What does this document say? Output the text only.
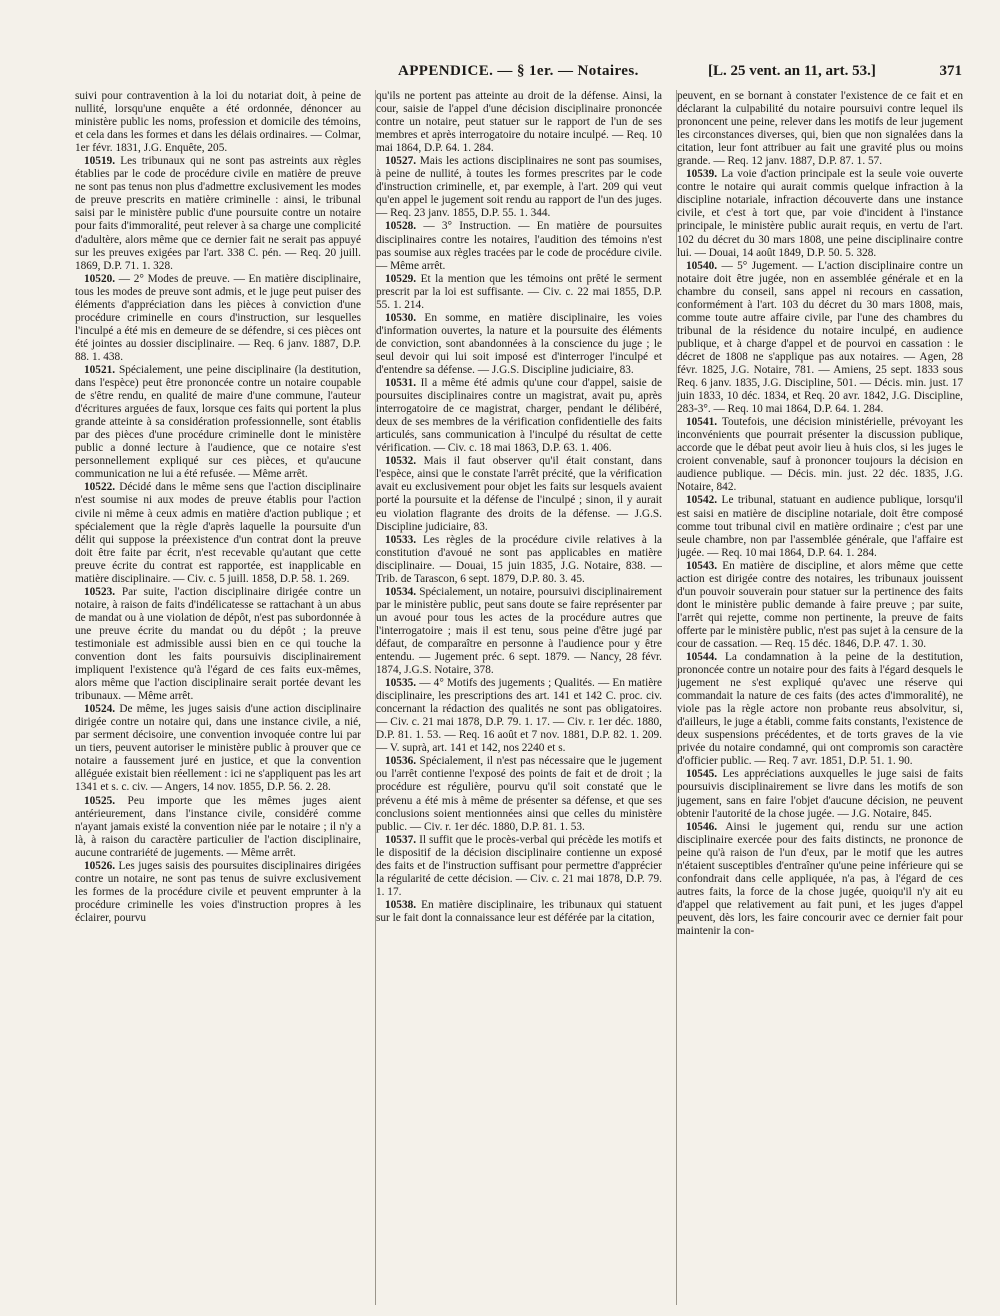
APPENDICE. — § 1er. — Notaires.	[L. 25 vent. an 11, art. 53.]	371

suivi pour contravention à la loi du notariat doit, à peine de nullité, lorsqu'une enquête a été ordonnée, dénoncer au ministère public les noms, profession et domicile des témoins, et cela dans les formes et dans les délais ordinaires. — Colmar, 1er févr. 1831, J.G. Enquête, 205.

10519. Les tribunaux qui ne sont pas astreints aux règles établies par le code de procédure civile en matière de preuve ne sont pas tenus non plus d'admettre exclusivement les modes de preuve prescrits en matière criminelle : ainsi, le tribunal saisi par le ministère public d'une poursuite contre un notaire pour faits d'immoralité, peut relever à sa charge une complicité d'adultère, alors même que ce dernier fait ne serait pas appuyé sur les preuves exigées par l'art. 338 C. pén. — Req. 20 juill. 1869, D.P. 71. 1. 328.

10520. — 2° Modes de preuve. — En matière disciplinaire, tous les modes de preuve sont admis, et le juge peut puiser des éléments d'appréciation dans les pièces à conviction d'une procédure criminelle en cours d'instruction, sur lesquelles l'inculpé a été mis en demeure de se défendre, si ces pièces ont été jointes au dossier disciplinaire. — Req. 6 janv. 1887, D.P. 88. 1. 438.

10521. Spécialement, une peine disciplinaire (la destitution, dans l'espèce) peut être prononcée contre un notaire coupable de s'être rendu, en qualité de maire d'une commune, l'auteur d'écritures arguées de faux, lorsque ces faits qui portent la plus grande atteinte à sa considération professionnelle, sont établis par des pièces d'une procédure criminelle dont le ministère public a donné lecture à l'audience, que ce notaire s'est personnellement expliqué sur ces pièces, et qu'aucune communication ne lui a été refusée. — Même arrêt.

10522. Décidé dans le même sens que l'action disciplinaire n'est soumise ni aux modes de preuve établis pour l'action civile ni même à ceux admis en matière d'action publique ; et spécialement que la règle d'après laquelle la poursuite d'un délit qui suppose la préexistence d'un contrat dont la preuve doit être faite par écrit, n'est recevable qu'autant que cette preuve écrite du contrat est rapportée, est inapplicable en matière disciplinaire. — Civ. c. 5 juill. 1858, D.P. 58. 1. 269.

10523. Par suite, l'action disciplinaire dirigée contre un notaire, à raison de faits d'indélicatesse se rattachant à un abus de mandat ou à une violation de dépôt, n'est pas subordonnée à une preuve écrite du mandat ou du dépôt ; la preuve testimoniale est admissible aussi bien en ce qui touche la convention dont les faits poursuivis disciplinairement impliquent l'existence qu'à l'égard de ces faits eux-mêmes, alors même que l'action disciplinaire serait portée devant les tribunaux. — Même arrêt.

10524. De même, les juges saisis d'une action disciplinaire dirigée contre un notaire qui, dans une instance civile, a nié, par serment décisoire, une convention invoquée contre lui par un tiers, peuvent autoriser le ministère public à prouver que ce notaire a faussement juré en justice, et que la convention alléguée existait bien réellement : ici ne s'appliquent pas les art 1341 et s. c. civ. — Angers, 14 nov. 1855, D.P. 56. 2. 28.

10525. Peu importe que les mêmes juges aient antérieurement, dans l'instance civile, considéré comme n'ayant jamais existé la convention niée par le notaire ; il n'y a là, à raison du caractère particulier de l'action disciplinaire, aucune contrariété de jugements. — Même arrêt.

10526. Les juges saisis des poursuites disciplinaires dirigées contre un notaire, ne sont pas tenus de suivre exclusivement les formes de la procédure civile et peuvent emprunter à la procédure criminelle les voies d'instruction propres à les éclairer, pourvu

qu'ils ne portent pas atteinte au droit de la défense. Ainsi, la cour, saisie de l'appel d'une décision disciplinaire prononcée contre un notaire, peut statuer sur le rapport de l'un de ses membres et après interrogatoire du notaire inculpé. — Req. 10 mai 1864, D.P. 64. 1. 284.

10527. Mais les actions disciplinaires ne sont pas soumises, à peine de nullité, à toutes les formes prescrites par le code d'instruction criminelle, et, par exemple, à l'art. 209 qui veut qu'en appel le jugement soit rendu au rapport de l'un des juges. — Req. 23 janv. 1855, D.P. 55. 1. 344.

10528. — 3° Instruction. — En matière de poursuites disciplinaires contre les notaires, l'audition des témoins n'est pas soumise aux règles tracées par le code de procédure civile. — Même arrêt.

10529. Et la mention que les témoins ont prêté le serment prescrit par la loi est suffisante. — Civ. c. 22 mai 1855, D.P. 55. 1. 214.

10530. En somme, en matière disciplinaire, les voies d'information ouvertes, la nature et la poursuite des éléments de conviction, sont abandonnées à la conscience du juge ; le seul devoir qui lui soit imposé est d'interroger l'inculpé et d'entendre sa défense. — J.G.S. Discipline judiciaire, 83.

10531. Il a même été admis qu'une cour d'appel, saisie de poursuites disciplinaires contre un magistrat, avait pu, après interrogatoire de ce magistrat, charger, pendant le délibéré, deux de ses membres de la vérification confidentielle des faits articulés, sans communication à l'inculpé du résultat de cette vérification. — Civ. c. 18 mai 1863, D.P. 63. 1. 406.

10532. Mais il faut observer qu'il était constant, dans l'espèce, ainsi que le constate l'arrêt précité, que la vérification avait eu exclusivement pour objet les faits sur lesquels avaient porté la poursuite et la défense de l'inculpé ; sinon, il y aurait eu violation flagrante des droits de la défense. — J.G.S. Discipline judiciaire, 83.

10533. Les règles de la procédure civile relatives à la constitution d'avoué ne sont pas applicables en matière disciplinaire. — Douai, 15 juin 1835, J.G. Notaire, 838. — Trib. de Tarascon, 6 sept. 1879, D.P. 80. 3. 45.

10534. Spécialement, un notaire, poursuivi disciplinairement par le ministère public, peut sans doute se faire représenter par un avoué pour tous les actes de la procédure autres que l'interrogatoire ; mais il est tenu, sous peine d'être jugé par défaut, de comparaître en personne à l'audience pour y être entendu. — Jugement préc. 6 sept. 1879. — Nancy, 28 févr. 1874, J.G.S. Notaire, 378.

10535. — 4° Motifs des jugements ; Qualités. — En matière disciplinaire, les prescriptions des art. 141 et 142 C. proc. civ. concernant la rédaction des qualités ne sont pas obligatoires. — Civ. c. 21 mai 1878, D.P. 79. 1. 17. — Civ. r. 1er déc. 1880, D.P. 81. 1. 53. — Req. 16 août et 7 nov. 1881, D.P. 82. 1. 209. — V. suprà, art. 141 et 142, nos 2240 et s.

10536. Spécialement, il n'est pas nécessaire que le jugement ou l'arrêt contienne l'exposé des points de fait et de droit ; la procédure est régulière, pourvu qu'il soit constaté que le prévenu a été mis à même de présenter sa défense, et que ses conclusions soient mentionnées ainsi que celles du ministère public. — Civ. r. 1er déc. 1880, D.P. 81. 1. 53.

10537. Il suffit que le procès-verbal qui précède les motifs et le dispositif de la décision disciplinaire contienne un exposé des faits et de l'instruction suffisant pour permettre d'apprécier la régularité de cette décision. — Civ. c. 21 mai 1878, D.P. 79. 1. 17.

10538. En matière disciplinaire, les tribunaux qui statuent sur le fait dont la connaissance leur est déférée par la citation,

peuvent, en se bornant à constater l'existence de ce fait et en déclarant la culpabilité du notaire poursuivi contre lequel ils prononcent une peine, relever dans les motifs de leur jugement les circonstances diverses, qui, bien que non signalées dans la citation, leur font attribuer au fait une gravité plus ou moins grande. — Req. 12 janv. 1887, D.P. 87. 1. 57.

10539. La voie d'action principale est la seule voie ouverte contre le notaire qui aurait commis quelque infraction à la discipline notariale, infraction découverte dans une instance civile, et c'est à tort que, par voie d'incident à l'instance principale, le ministère public aurait requis, en vertu de l'art. 102 du décret du 30 mars 1808, une peine disciplinaire contre lui. — Douai, 14 août 1849, D.P. 50. 5. 328.

10540. — 5° Jugement. — L'action disciplinaire contre un notaire doit être jugée, non en assemblée générale et en la chambre du conseil, sans appel ni recours en cassation, conformément à l'art. 103 du décret du 30 mars 1808, mais, comme toute autre affaire civile, par l'une des chambres du tribunal de la résidence du notaire inculpé, en audience publique, et à charge d'appel et de pourvoi en cassation : le décret de 1808 ne s'applique pas aux notaires. — Agen, 28 févr. 1825, J.G. Notaire, 781. — Amiens, 25 sept. 1833 sous Req. 6 janv. 1835, J.G. Discipline, 501. — Décis. min. just. 17 juin 1833, 10 déc. 1834, et Req. 20 avr. 1842, J.G. Discipline, 283-3°. — Req. 10 mai 1864, D.P. 64. 1. 284.

10541. Toutefois, une décision ministérielle, prévoyant les inconvénients que pourrait présenter la discussion publique, accorde que le débat peut avoir lieu à huis clos, si les juges le croient convenable, sauf à prononcer toujours la décision en audience publique. — Décis. min. just. 22 déc. 1835, J.G. Notaire, 842.

10542. Le tribunal, statuant en audience publique, lorsqu'il est saisi en matière de discipline notariale, doit être composé comme tout tribunal civil en matière ordinaire ; c'est par une seule chambre, non par l'assemblée générale, que l'affaire est jugée. — Req. 10 mai 1864, D.P. 64. 1. 284.

10543. En matière de discipline, et alors même que cette action est dirigée contre des notaires, les tribunaux jouissent d'un pouvoir souverain pour statuer sur la pertinence des faits dont le ministère public demande à faire preuve ; par suite, l'arrêt qui rejette, comme non pertinente, la preuve de faits offerte par le ministère public, n'est pas sujet à la censure de la cour de cassation. — Req. 15 déc. 1846, D.P. 47. 1. 30.

10544. La condamnation à la peine de la destitution, prononcée contre un notaire pour des faits à l'égard desquels le jugement ne s'est expliqué qu'avec une réserve qui commandait la nature de ces faits (des actes d'immoralité), ne viole pas la règle actore non probante reus absolvitur, si, d'ailleurs, le juge a établi, comme faits constants, l'existence de deux suspensions précédentes, et de torts graves de la vie privée du notaire condamné, qui ont compromis son caractère d'officier public. — Req. 7 avr. 1851, D.P. 51. 1. 90.

10545. Les appréciations auxquelles le juge saisi de faits poursuivis disciplinairement se livre dans les motifs de son jugement, sans en faire l'objet d'aucune décision, ne peuvent obtenir l'autorité de la chose jugée. — J.G. Notaire, 845.

10546. Ainsi le jugement qui, rendu sur une action disciplinaire exercée pour des faits distincts, ne prononce de peine qu'à raison de l'un d'eux, par le motif que les autres n'étaient susceptibles d'entraîner qu'une peine inférieure qui se confondrait dans celle appliquée, n'a pas, à l'égard de ces autres faits, la force de la chose jugée, quoiqu'il n'y ait eu d'appel que relativement au fait puni, et les juges d'appel peuvent, dès lors, les faire concourir avec ce dernier fait pour maintenir la con-
